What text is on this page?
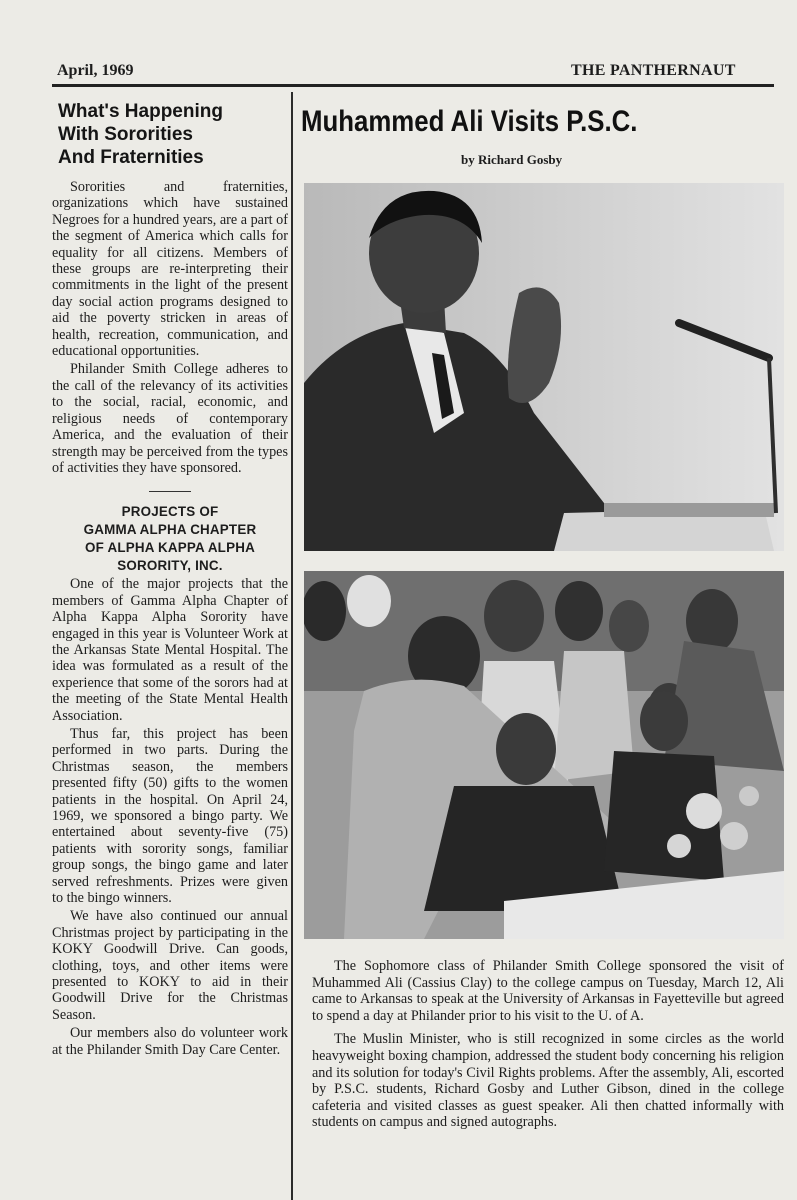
April, 1969	THE PANTHERNAUT
What's Happening
With Sororities
And Fraternities

Sororities and fraternities, organizations which have sustained Negroes for a hundred years, are a part of the segment of America which calls for equality for all citizens. Members of these groups are re-interpreting their commitments in the light of the present day social action programs designed to aid the poverty stricken in areas of health, recreation, communication, and educational opportunities.

Philander Smith College adheres to the call of the relevancy of its activities to the social, racial, economic, and religious needs of contemporary America, and the evaluation of their strength may be perceived from the types of activities they have sponsored.

PROJECTS OF
GAMMA ALPHA CHAPTER
OF ALPHA KAPPA ALPHA
SORORITY, INC.

One of the major projects that the members of Gamma Alpha Chapter of Alpha Kappa Alpha Sorority have engaged in this year is Volunteer Work at the Arkansas State Mental Hospital. The idea was formulated as a result of the experience that some of the sorors had at the meeting of the State Mental Health Association.

Thus far, this project has been performed in two parts. During the Christmas season, the members presented fifty (50) gifts to the women patients in the hospital. On April 24, 1969, we sponsored a bingo party. We entertained about seventy-five (75) patients with sorority songs, familiar group songs, the bingo game and later served refreshments. Prizes were given to the bingo winners.

We have also continued our annual Christmas project by participating in the KOKY Goodwill Drive. Can goods, clothing, toys, and other items were presented to KOKY to aid in their Goodwill Drive for the Christmas Season.

Our members also do volunteer work at the Philander Smith Day Care Center.

Muhammed Ali Visits P.S.C.
by Richard Gosby

The Sophomore class of Philander Smith College sponsored the visit of Muhammed Ali (Cassius Clay) to the college campus on Tuesday, March 12, Ali came to Arkansas to speak at the University of Arkansas in Fayetteville but agreed to spend a day at Philander prior to his visit to the U. of A.

The Muslin Minister, who is still recognized in some circles as the world heavyweight boxing champion, addressed the student body concerning his religion and its solution for today's Civil Rights problems. After the assembly, Ali, escorted by P.S.C. students, Richard Gosby and Luther Gibson, dined in the college cafeteria and visited classes as guest speaker. Ali then chatted informally with students on campus and signed autographs.
